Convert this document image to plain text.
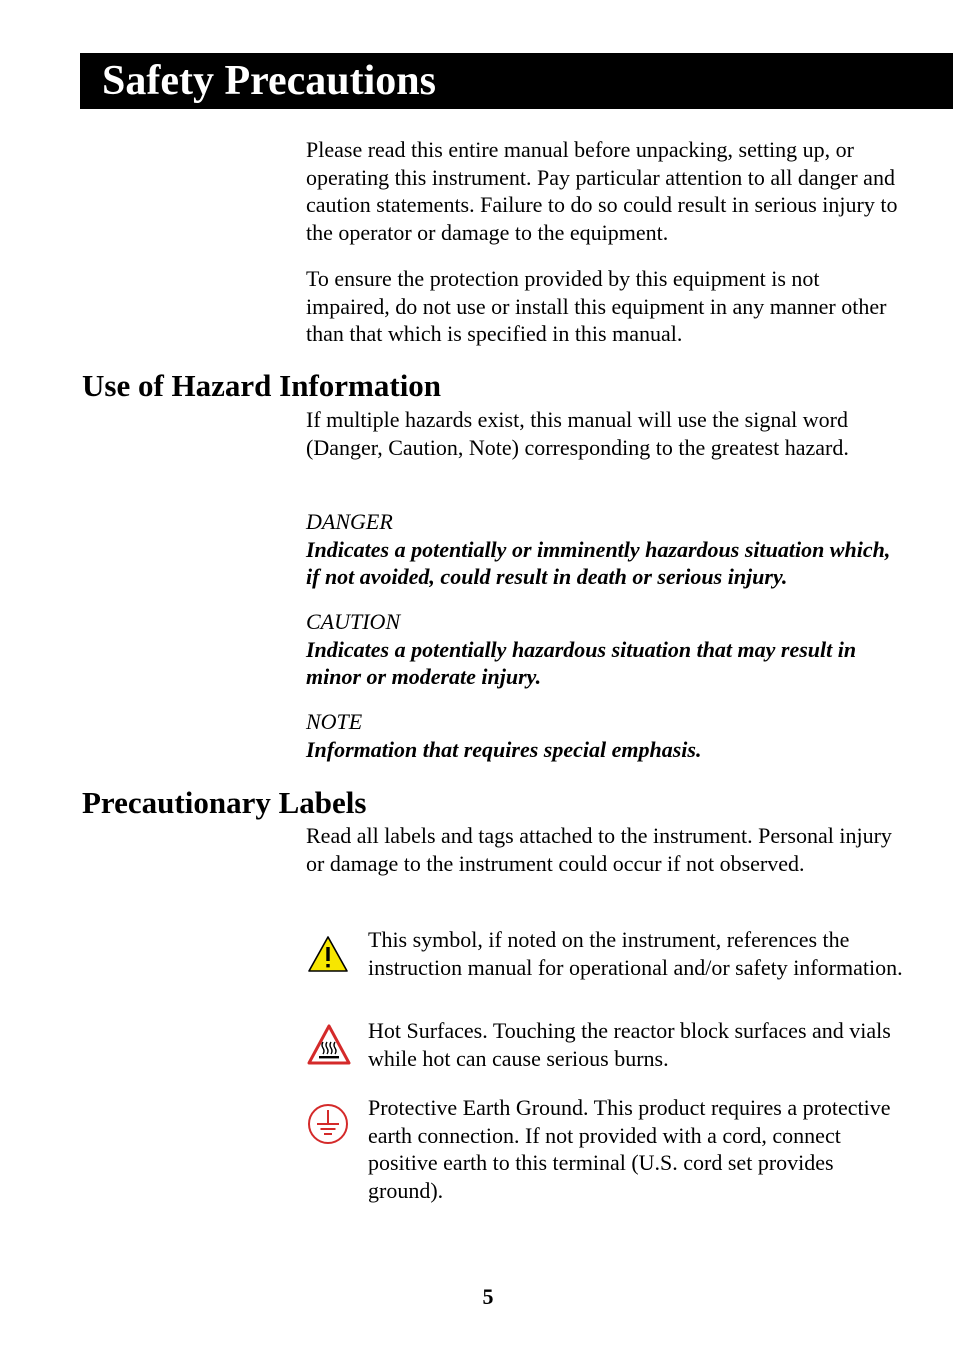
Safety Precautions

Please read this entire manual before unpacking, setting up, or operating this instrument. Pay particular attention to all danger and caution statements. Failure to do so could result in serious injury to the operator or damage to the equipment.

To ensure the protection provided by this equipment is not impaired, do not use or install this equipment in any manner other than that which is specified in this manual.

Use of Hazard Information

If multiple hazards exist, this manual will use the signal word (Danger, Caution, Note) corresponding to the greatest hazard.

DANGER

Indicates a potentially or imminently hazardous situation which, if not avoided, could result in death or serious injury.

CAUTION

Indicates a potentially hazardous situation that may result in minor or moderate injury.

NOTE

Information that requires special emphasis.

Precautionary Labels

Read all labels and tags attached to the instrument. Personal injury or damage to the instrument could occur if not observed.

This symbol, if noted on the instrument, references the instruction manual for operational and/or safety information.

Hot Surfaces. Touching the reactor block surfaces and vials while hot can cause serious burns.

Protective Earth Ground. This product requires a protective earth connection. If not provided with a cord, connect positive earth to this terminal (U.S. cord set provides ground).

5
